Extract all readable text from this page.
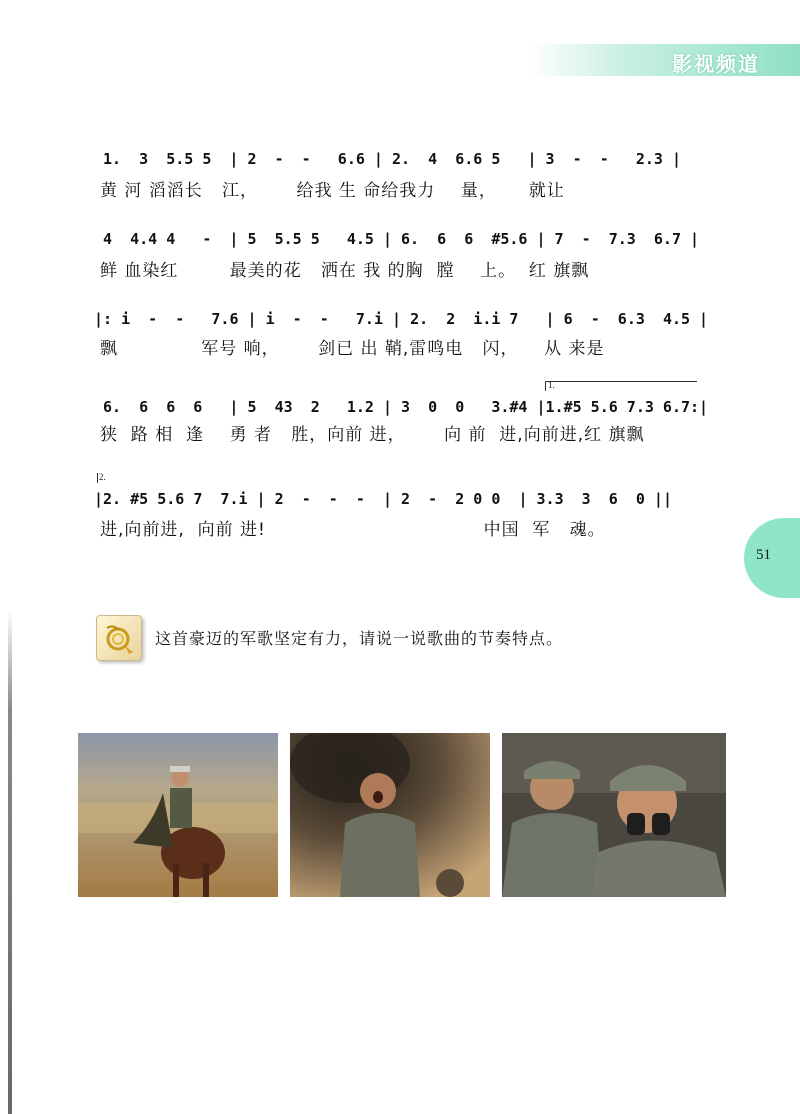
影视频道
51
1.  3  5.5 5  | 2  -  -   6.6 | 2.  4  6.6 5   | 3  -  -   2.3 |
黄 河 滔滔长   江，      给我 生 命给我力    量，     就让
4  4.4 4   -  | 5  5.5 5   4.5 | 6.  6  6  #5.6 | 7  -  7.3  6.7 |
鲜 血染红        最美的花   洒在 我 的胸  膛    上。  红 旗飘
|: i  -  -   7.6 | i  -  -   7.i | 2.  2  i.i 7   | 6  -  6.3  4.5 |
飘             军号 响，      剑已 出 鞘,雷鸣电   闪，    从 来是
6.  6  6  6   | 5  43  2   1.2 | 3  0  0   3.#4 |1.#5 5.6 7.3 6.7:|
狭  路 相  逢    勇 者   胜，向前 进，      向 前  进,向前进,红 旗飘
1.
|2. #5 5.6 7  7.i | 2  -  -  -  | 2  -  2 0 0  | 3.3  3  6  0 ||
进,向前进,  向前 进!                                  中国  军   魂。
2.
这首豪迈的军歌坚定有力，请说一说歌曲的节奏特点。
